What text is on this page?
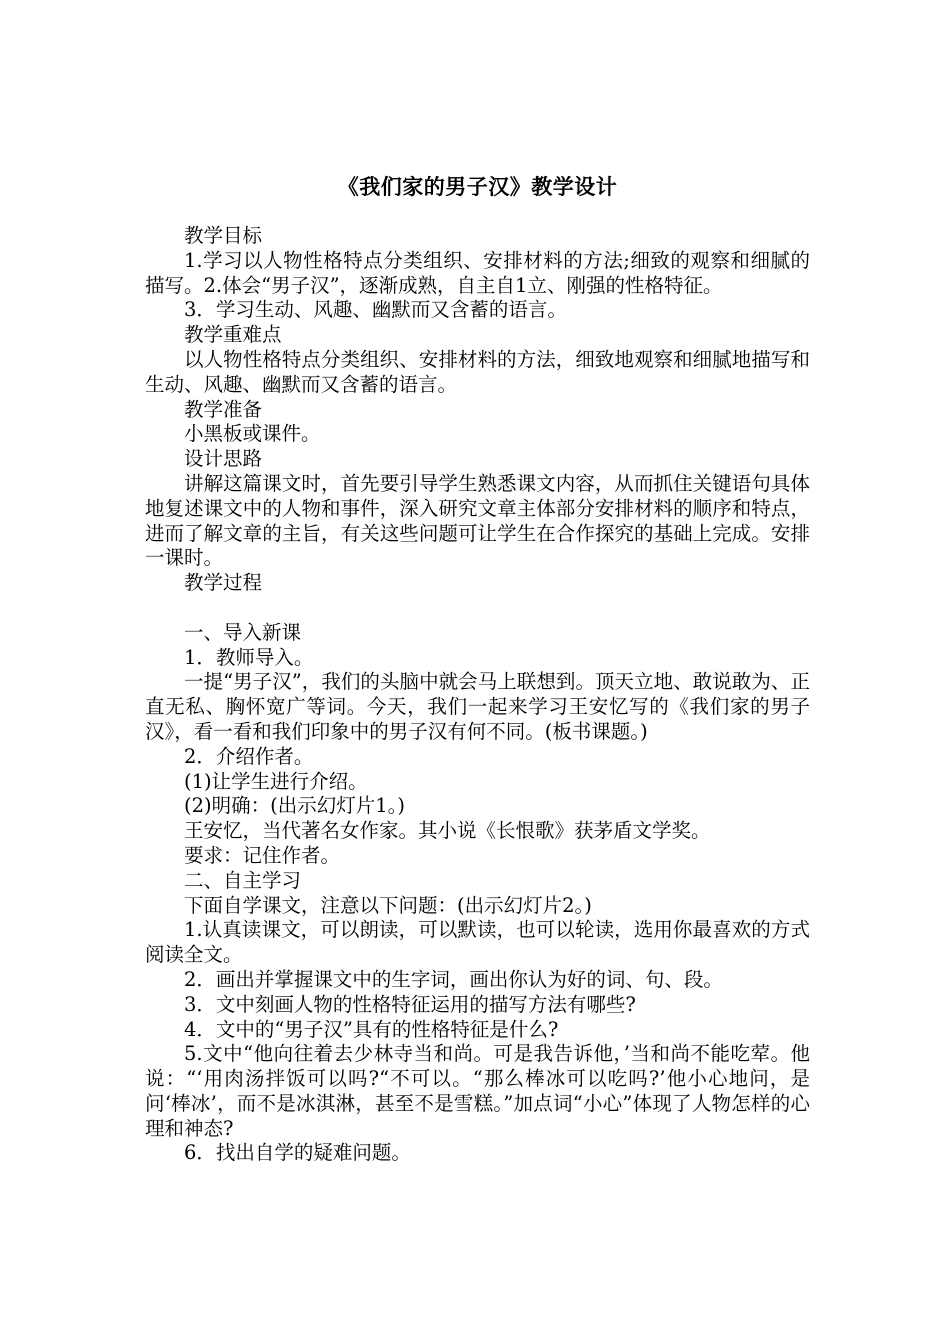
《我们家的男子汉》教学设计

教学目标

1.学习以人物性格特点分类组织、安排材料的方法;细致的观察和细腻的描写。2.体会“男子汉”，逐渐成熟，自主自1立、刚强的性格特征。

3．学习生动、风趣、幽默而又含蓄的语言。

教学重难点

以人物性格特点分类组织、安排材料的方法，细致地观察和细腻地描写和生动、风趣、幽默而又含蓄的语言。

教学准备

小黑板或课件。

设计思路

讲解这篇课文时，首先要引导学生熟悉课文内容，从而抓住关键语句具体地复述课文中的人物和事件，深入研究文章主体部分安排材料的顺序和特点，进而了解文章的主旨，有关这些问题可让学生在合作探究的基础上完成。安排一课时。

教学过程

一、导入新课

1．教师导入。

一提“男子汉”，我们的头脑中就会马上联想到。顶天立地、敢说敢为、正直无私、胸怀宽广等词。今天，我们一起来学习王安忆写的《我们家的男子汉》，看一看和我们印象中的男子汉有何不同。(板书课题。)

2．介绍作者。

(1)让学生进行介绍。

(2)明确：(出示幻灯片1。)

王安忆，当代著名女作家。其小说《长恨歌》获茅盾文学奖。

要求：记住作者。

二、自主学习

下面自学课文，注意以下问题：(出示幻灯片2。)

1.认真读课文，可以朗读，可以默读，也可以轮读，选用你最喜欢的方式阅读全文。

2．画出并掌握课文中的生字词，画出你认为好的词、句、段。

3．文中刻画人物的性格特征运用的描写方法有哪些?

4．文中的“男子汉”具有的性格特征是什么?

5.文中“他向往着去少林寺当和尚。可是我告诉他，’当和尚不能吃荤。他说：“‘用肉汤拌饭可以吗?“不可以。“那么棒冰可以吃吗?’他小心地问，是问‘棒冰’，而不是冰淇淋，甚至不是雪糕。”加点词“小心”体现了人物怎样的心理和神态?

6．找出自学的疑难问题。
